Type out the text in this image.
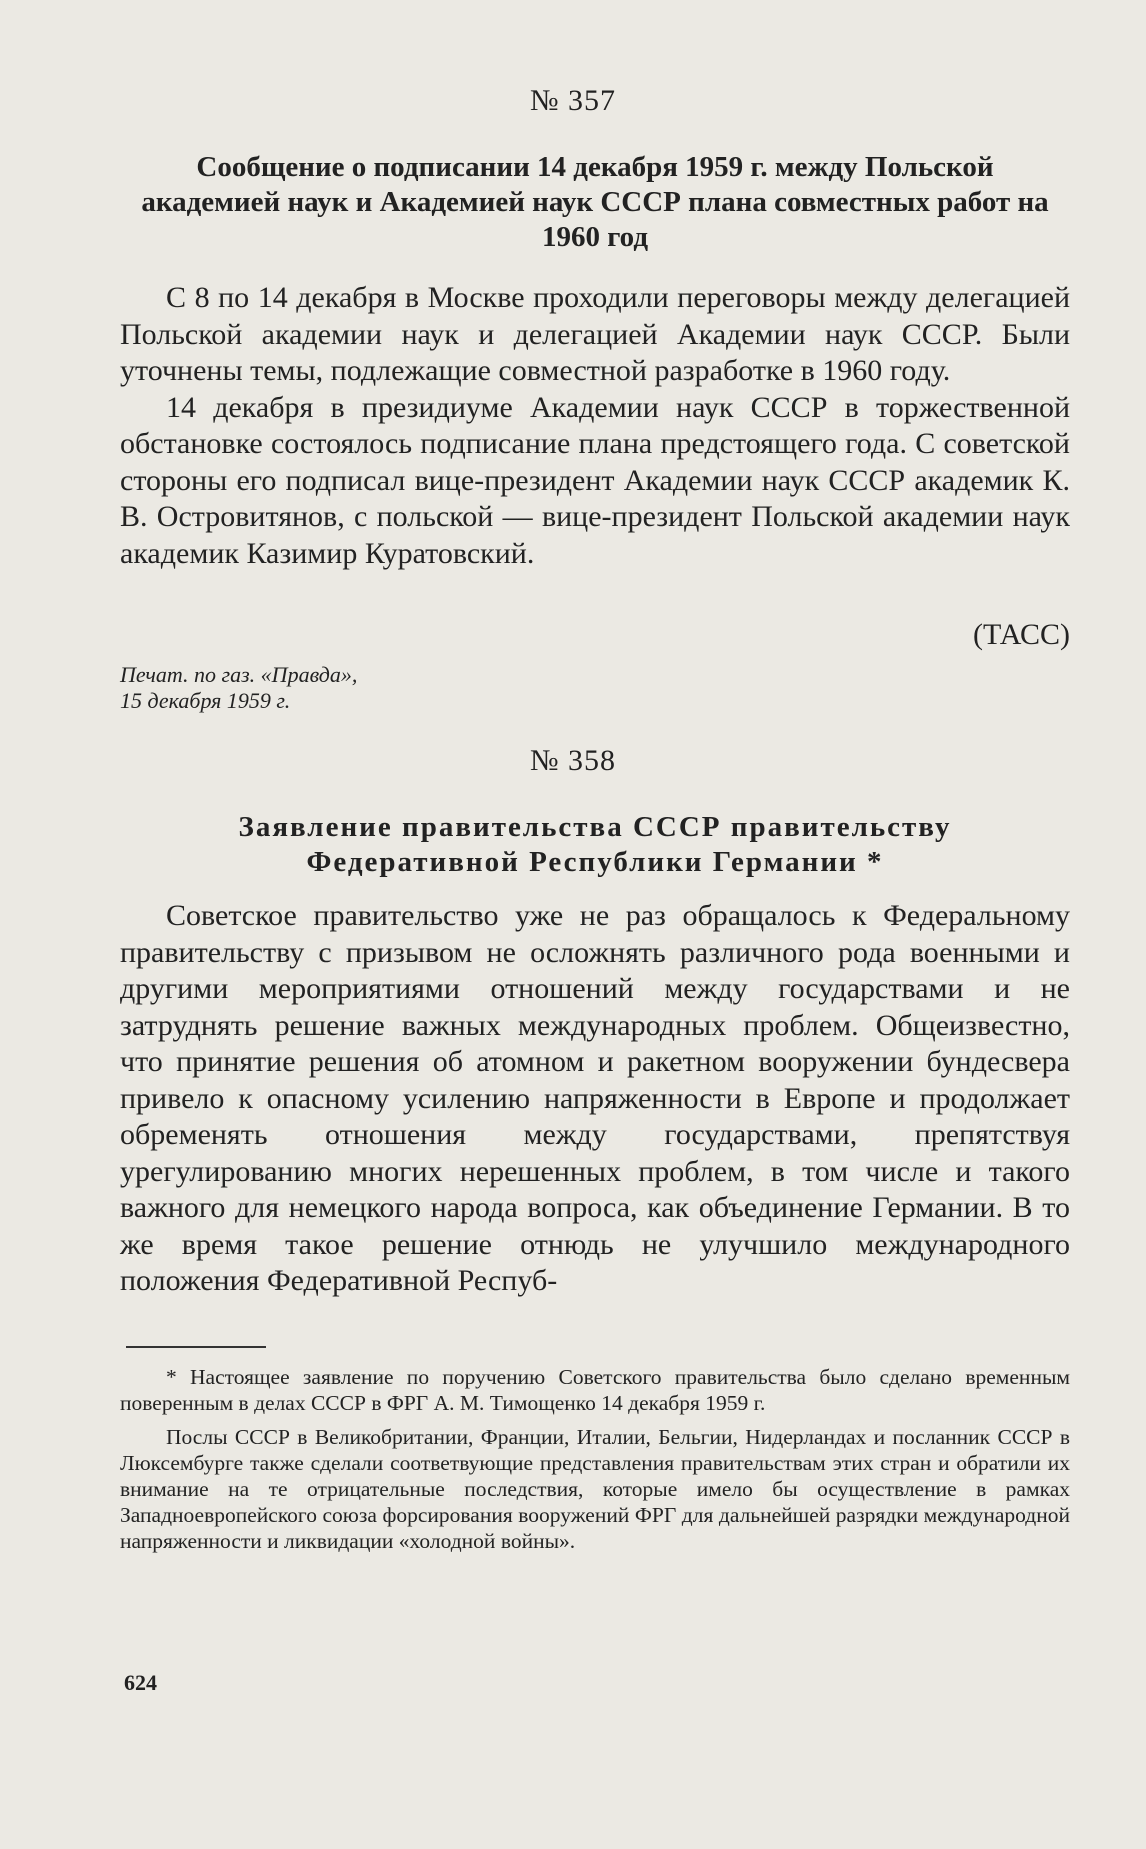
№ 357
Сообщение о подписании 14 декабря 1959 г. между Польской академией наук и Академией наук СССР плана совместных работ на 1960 год

С 8 по 14 декабря в Москве проходили переговоры между делегацией Польской академии наук и делегацией Академии наук СССР. Были уточнены темы, подлежащие совместной разработке в 1960 году.

14 декабря в президиуме Академии наук СССР в торжественной обстановке состоялось подписание плана предстоящего года. С советской стороны его подписал вице-президент Академии наук СССР академик К. В. Островитянов, с польской — вице-президент Польской академии наук академик Казимир Куратовский.

(ТАСС)
Печат. по газ. «Правда»,
15 декабря 1959 г.
№ 358
Заявление правительства СССР правительству
Федеративной Республики Германии *

Советское правительство уже не раз обращалось к Федеральному правительству с призывом не осложнять различного рода военными и другими мероприятиями отношений между государствами и не затруднять решение важных международных проблем. Общеизвестно, что принятие решения об атомном и ракетном вооружении бундесвера привело к опасному усилению напряженности в Европе и продолжает обременять отношения между государствами, препятствуя урегулированию многих нерешенных проблем, в том числе и такого важного для немецкого народа вопроса, как объединение Германии. В то же время такое решение отнюдь не улучшило международного положения Федеративной Респуб-

* Настоящее заявление по поручению Советского правительства было сделано временным поверенным в делах СССР в ФРГ А. М. Тимощенко 14 декабря 1959 г.

Послы СССР в Великобритании, Франции, Италии, Бельгии, Нидерландах и посланник СССР в Люксембурге также сделали соответвующие представления правительствам этих стран и обратили их внимание на те отрицательные последствия, которые имело бы осуществление в рамках Западноевропейского союза форсирования вооружений ФРГ для дальнейшей разрядки международной напряженности и ликвидации «холодной войны».

624
